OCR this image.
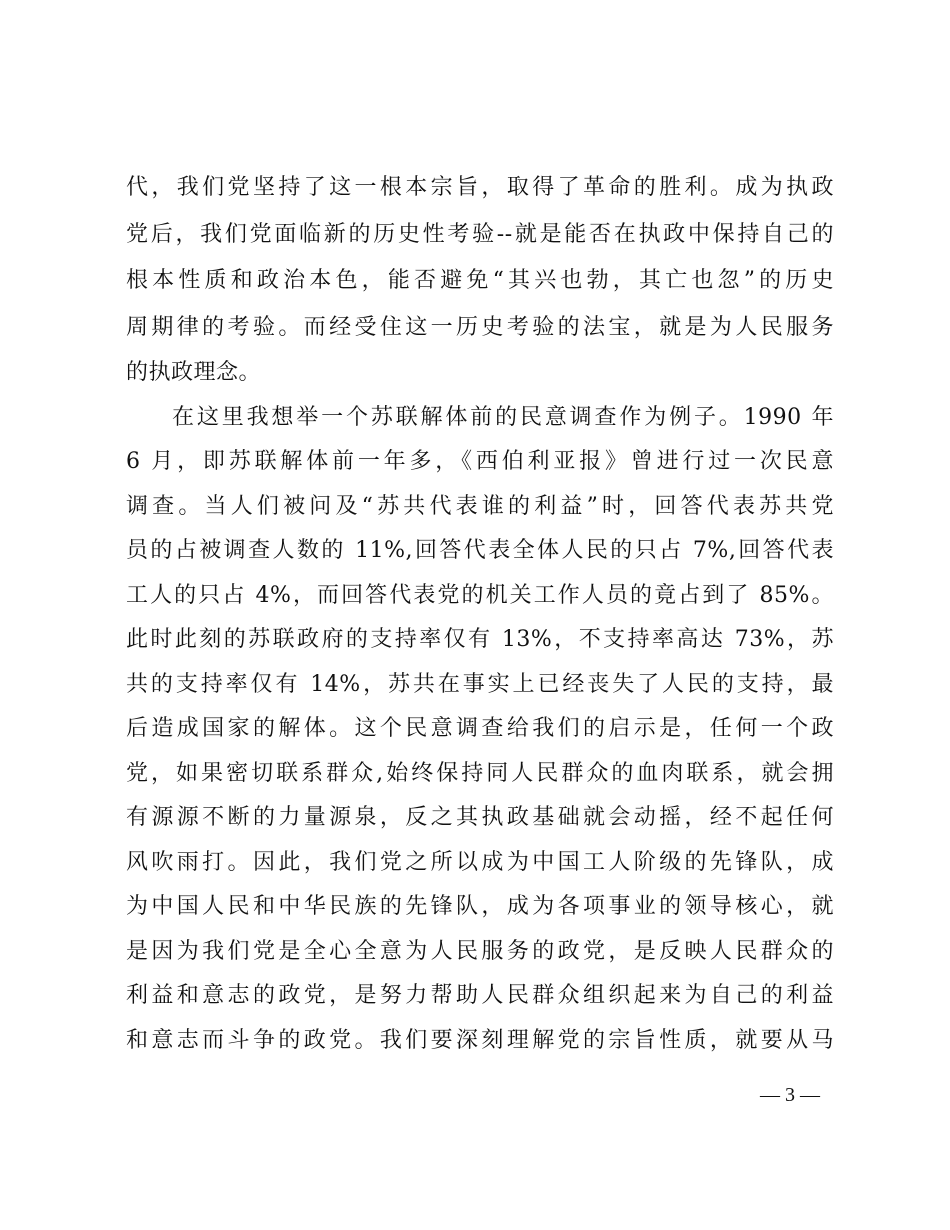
代，我们党坚持了这一根本宗旨，取得了革命的胜利。成为执政
党后，我们党面临新的历史性考验--就是能否在执政中保持自己的
根本性质和政治本色，能否避免“其兴也勃，其亡也忽”的历史
周期律的考验。而经受住这一历史考验的法宝，就是为人民服务
的执政理念。
在这里我想举一个苏联解体前的民意调查作为例子。1990 年
6 月，即苏联解体前一年多，《西伯利亚报》曾进行过一次民意
调查。当人们被问及“苏共代表谁的利益”时，回答代表苏共党
员的占被调查人数的 11%,回答代表全体人民的只占 7%,回答代表
工人的只占 4%，而回答代表党的机关工作人员的竟占到了 85%。
此时此刻的苏联政府的支持率仅有 13%，不支持率高达 73%，苏
共的支持率仅有 14%，苏共在事实上已经丧失了人民的支持，最
后造成国家的解体。这个民意调查给我们的启示是，任何一个政
党，如果密切联系群众,始终保持同人民群众的血肉联系，就会拥
有源源不断的力量源泉，反之其执政基础就会动摇，经不起任何
风吹雨打。因此，我们党之所以成为中国工人阶级的先锋队，成
为中国人民和中华民族的先锋队，成为各项事业的领导核心，就
是因为我们党是全心全意为人民服务的政党，是反映人民群众的
利益和意志的政党，是努力帮助人民群众组织起来为自己的利益
和意志而斗争的政党。我们要深刻理解党的宗旨性质，就要从马
— 3 —
